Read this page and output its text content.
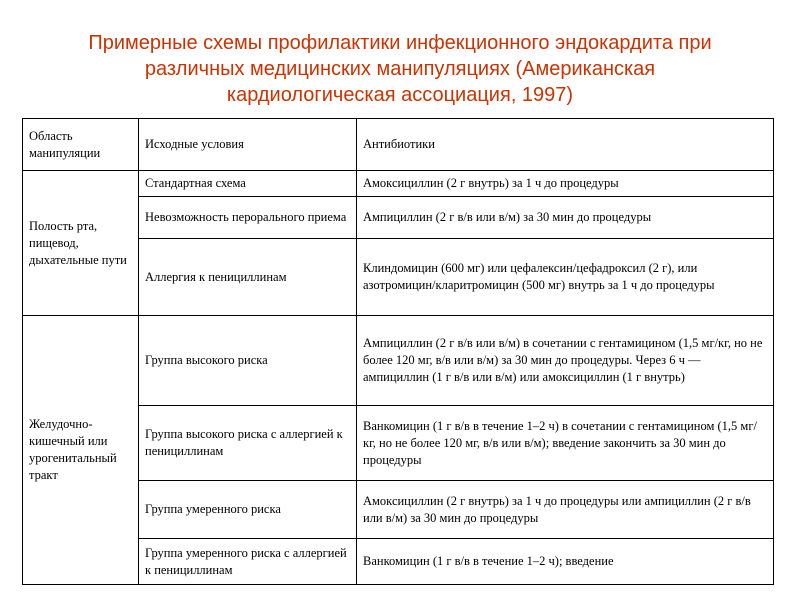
Примерные схемы профилактики инфекционного эндокардита при
различных медицинских манипуляциях (Американская
кардиологическая ассоциация, 1997)
Область манипуляции	Исходные условия	Антибиотики
Полость рта, пищевод, дыхательные пути	Стандартная схема	Амоксициллин (2 г внутрь) за 1 ч до процедуры
	Невозможность перорального приема	Ампициллин (2 г в/в или в/м) за 30 мин до процедуры
	Аллергия к пенициллинам	Клиндомицин (600 мг) или цефалексин/цефадроксил (2 г), или азотромицин/кларитромицин (500 мг) внутрь за 1 ч до процедуры
Желудочно-кишечный или урогенитальный тракт	Группа высокого риска	Ампициллин (2 г в/в или в/м) в сочетании с гентамицином (1,5 мг/кг, но не более 120 мг, в/в или в/м) за 30 мин до процедуры. Через 6 ч — ампициллин (1 г в/в или в/м) или амоксициллин (1 г внутрь)
	Группа высокого риска с аллергией к пенициллинам	Ванкомицин (1 г в/в в течение 1–2 ч) в сочетании с гентамицином (1,5 мг/кг, но не более 120 мг, в/в или в/м); введение закончить за 30 мин до процедуры
	Группа умеренного риска	Амоксициллин (2 г внутрь) за 1 ч до процедуры или ампициллин (2 г в/в или в/м) за 30 мин до процедуры
	Группа умеренного риска с аллергией к пенициллинам	Ванкомицин (1 г в/в в течение 1–2 ч); введение
